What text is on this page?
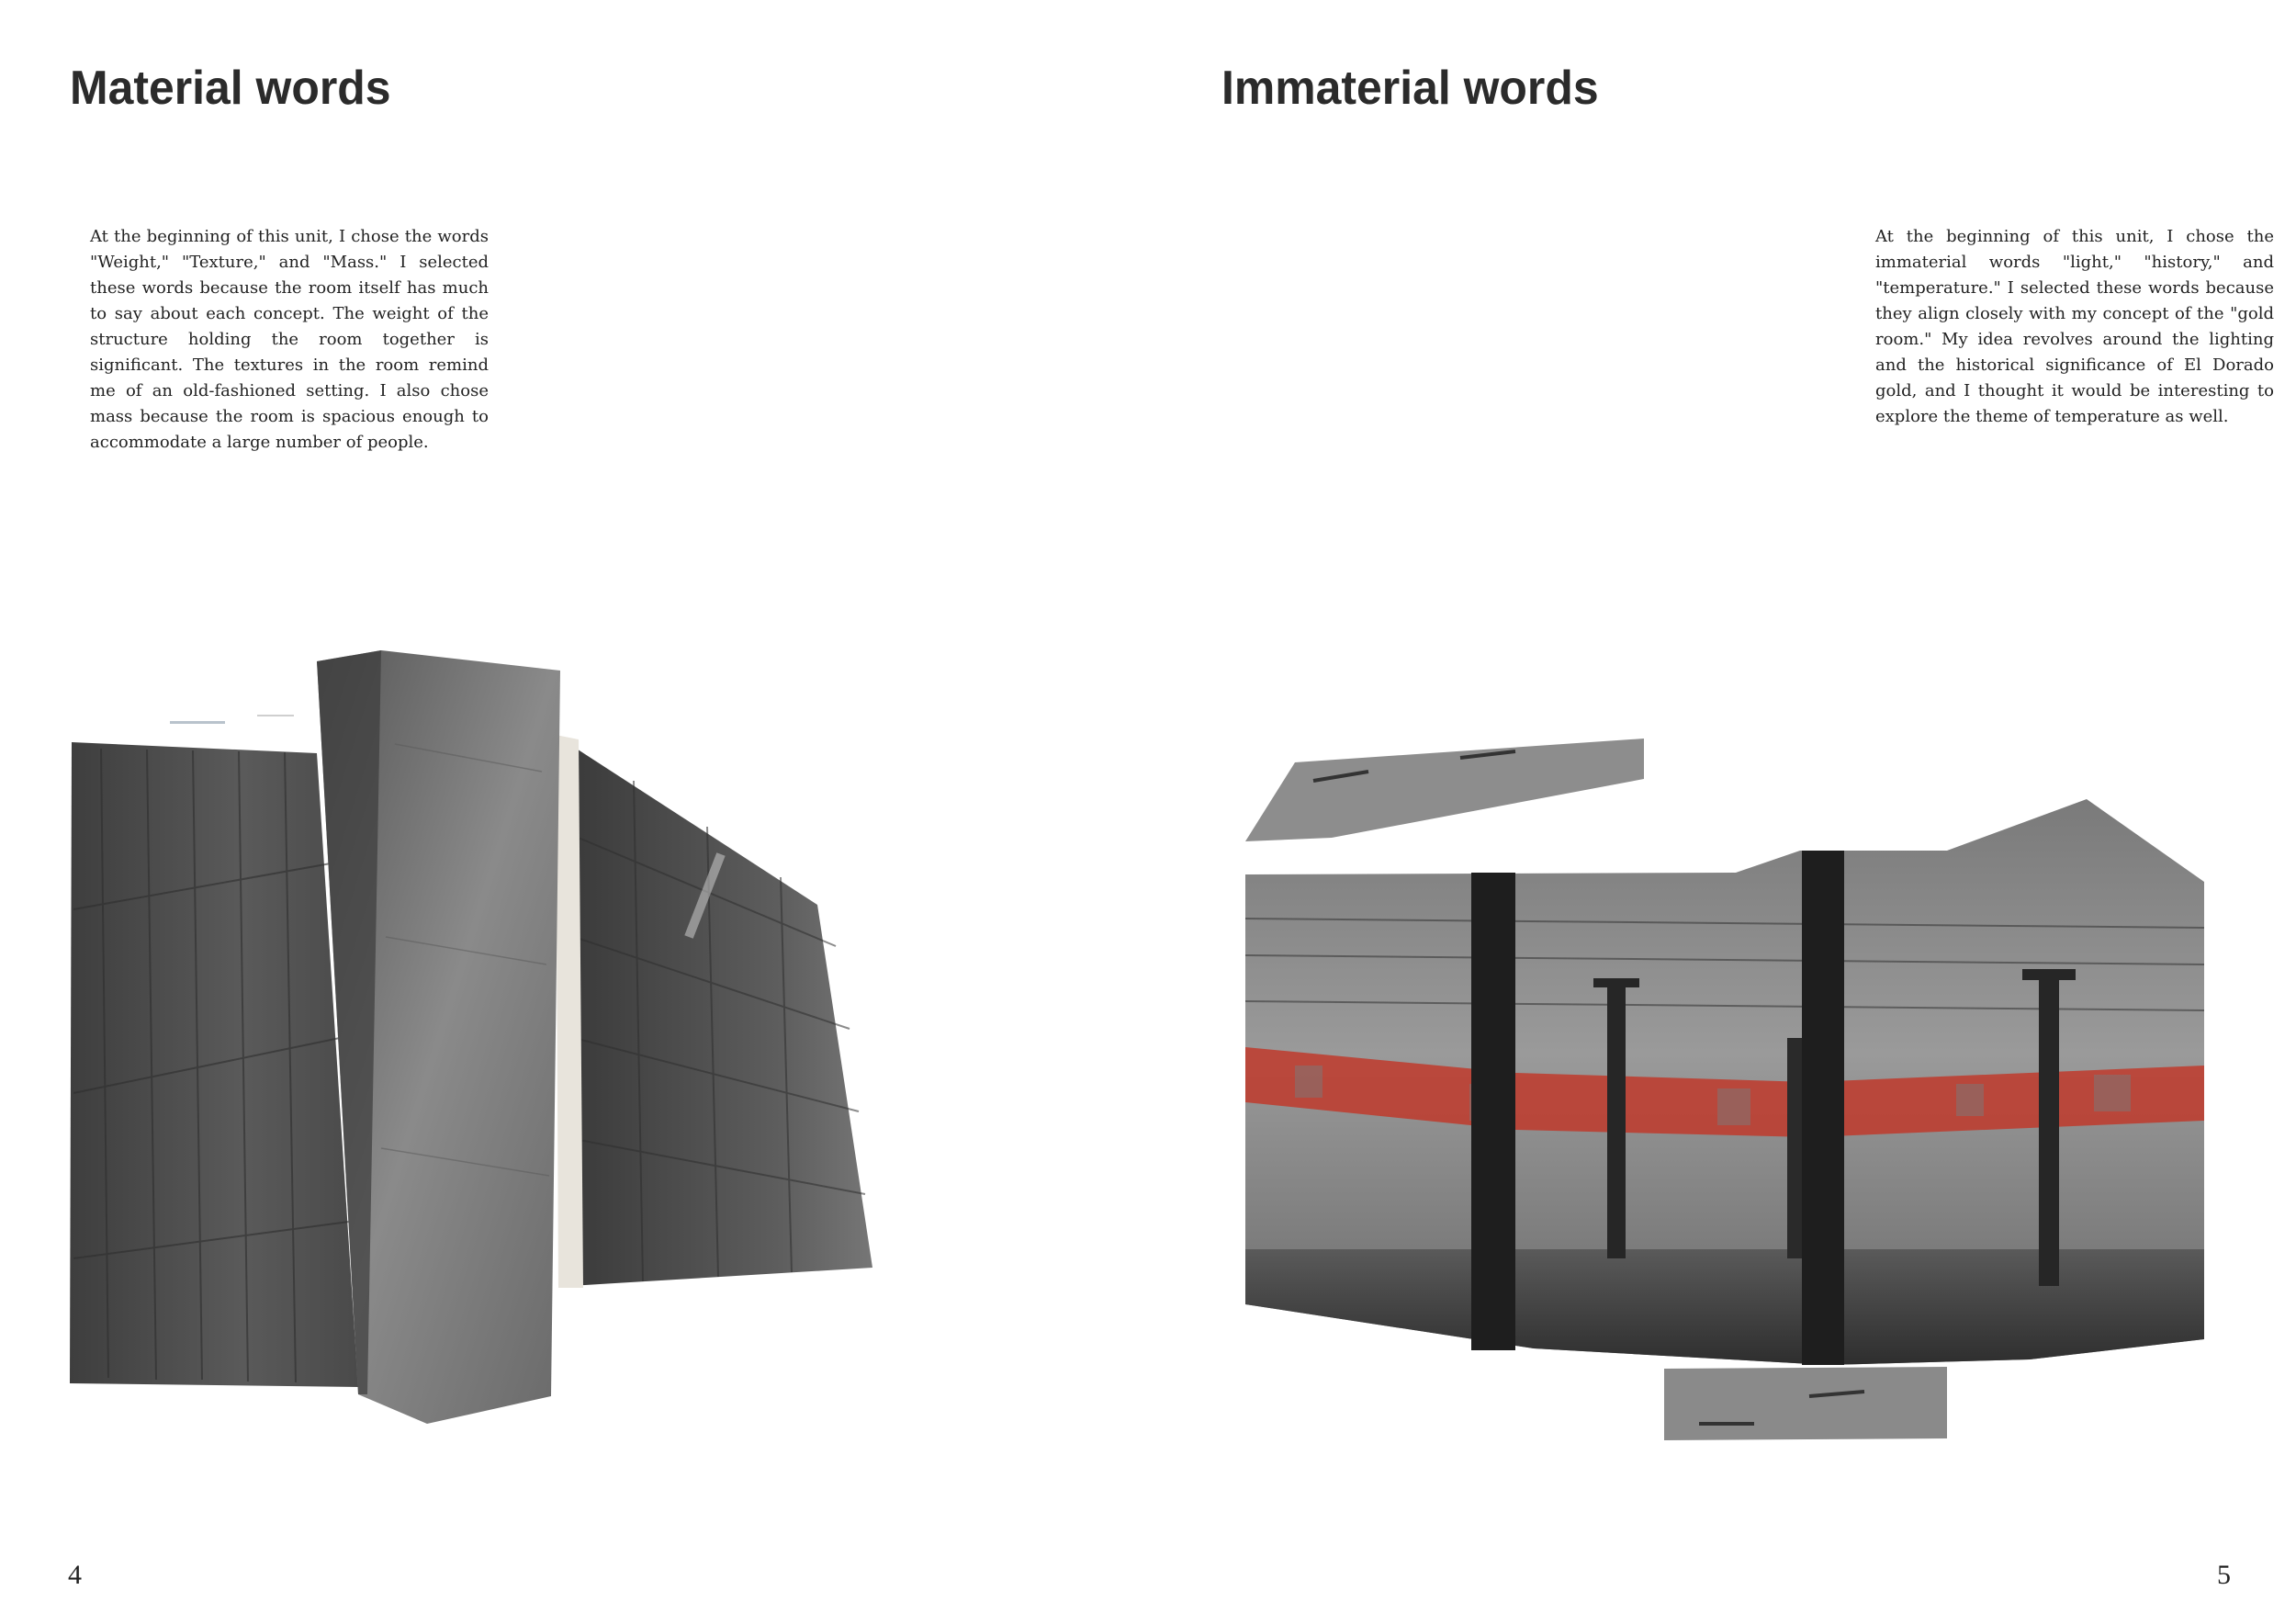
Material words

At the beginning of this unit, I chose the words "Weight," "Texture," and "Mass." I selected these words because the room itself has much to say about each concept. The weight of the structure holding the room together is significant. The textures in the room remind me of an old-fashioned setting. I also chose mass because the room is spacious enough to accommodate a large number of people.

4
Immaterial words

At the beginning of this unit, I chose the immaterial words "light," "history," and "temperature." I selected these words because they align closely with my concept of the "gold room." My idea revolves around the lighting and the historical significance of El Dorado gold, and I thought it would be interesting to explore the theme of temperature as well.

5
